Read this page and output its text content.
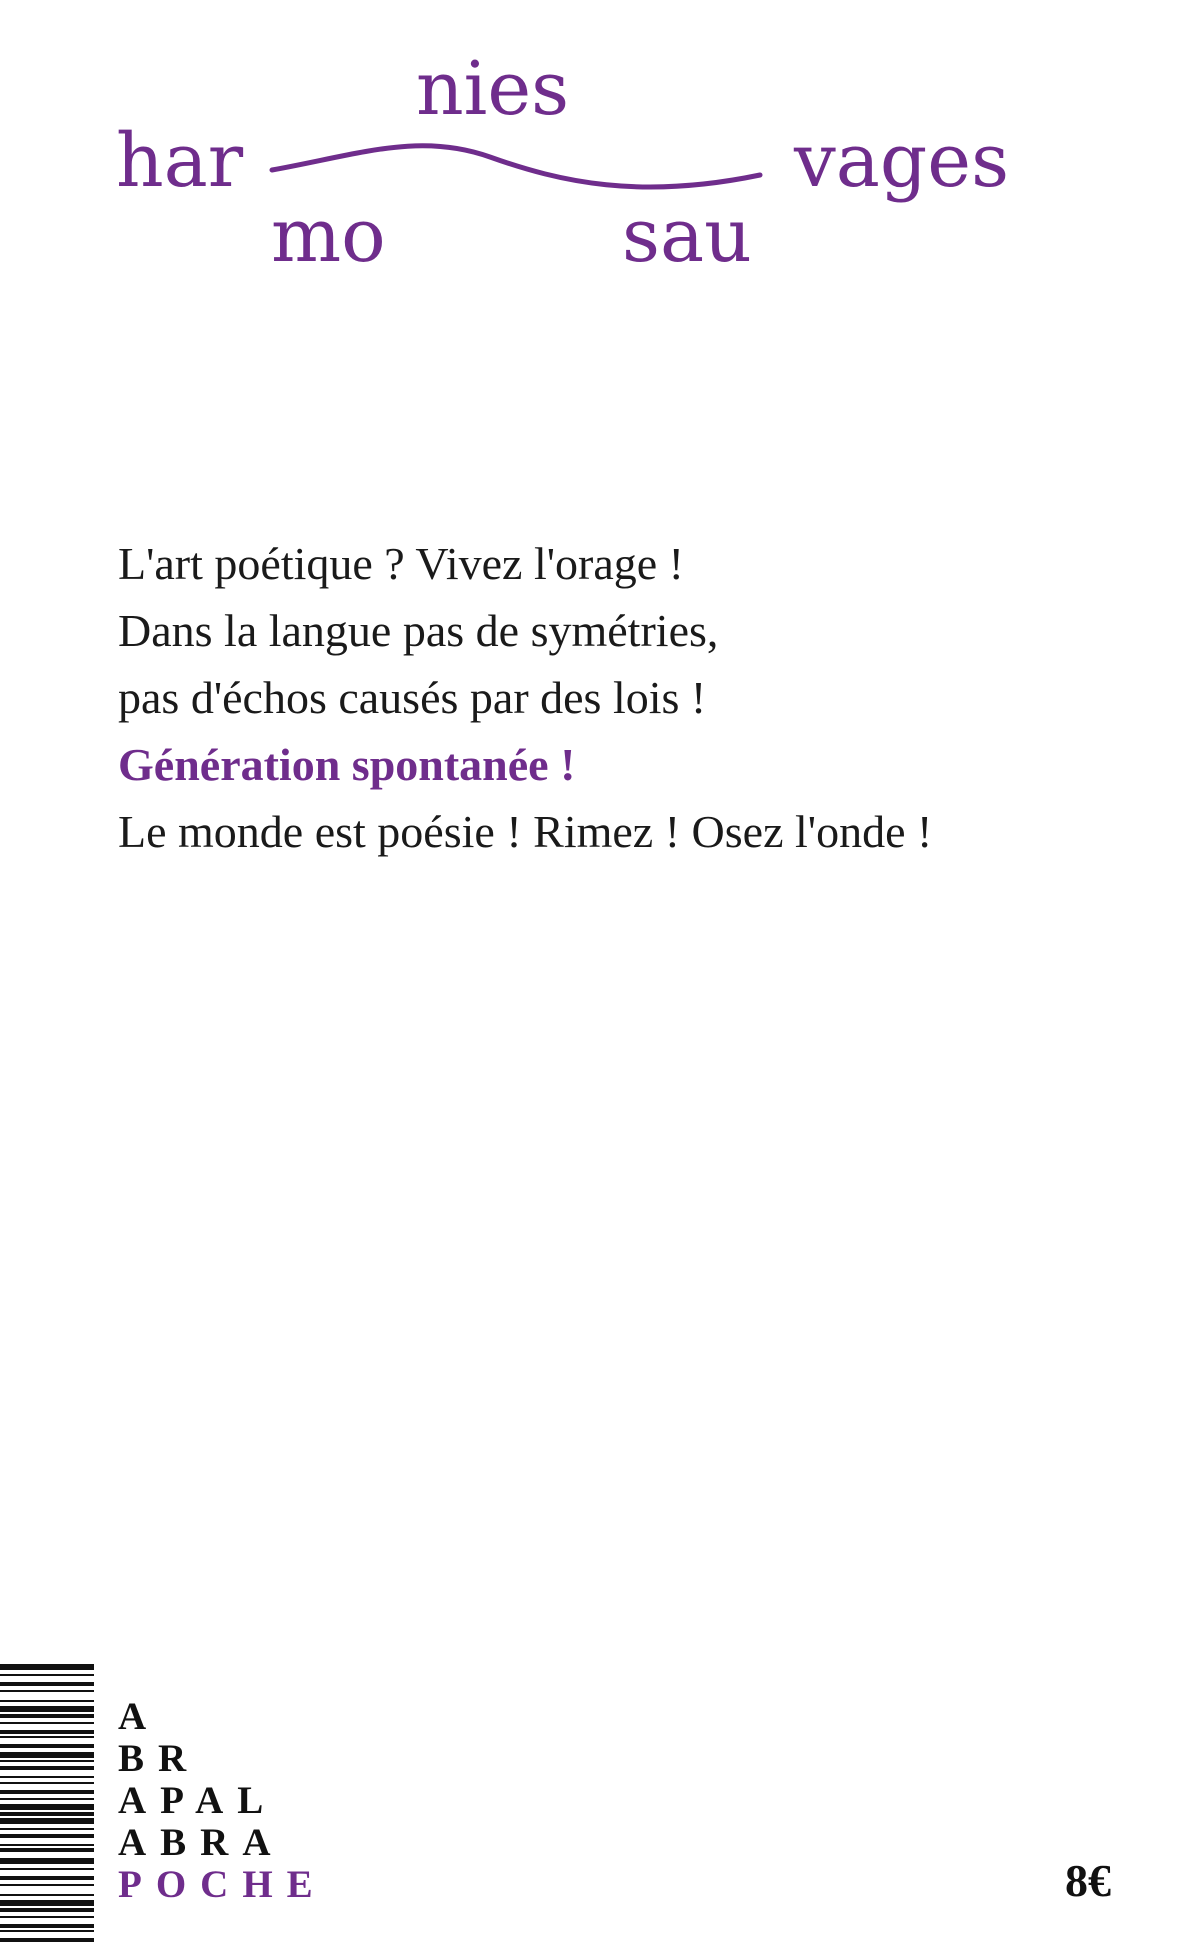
har
nies
mo	sau
vages
L'art poétique ? Vivez l'orage !
Dans la langue pas de symétries,
pas d'échos causés par des lois !
Génération spontanée !
Le monde est poésie ! Rimez ! Osez l'onde !
A
BR
APAL
ABRA
POCHE	8€
